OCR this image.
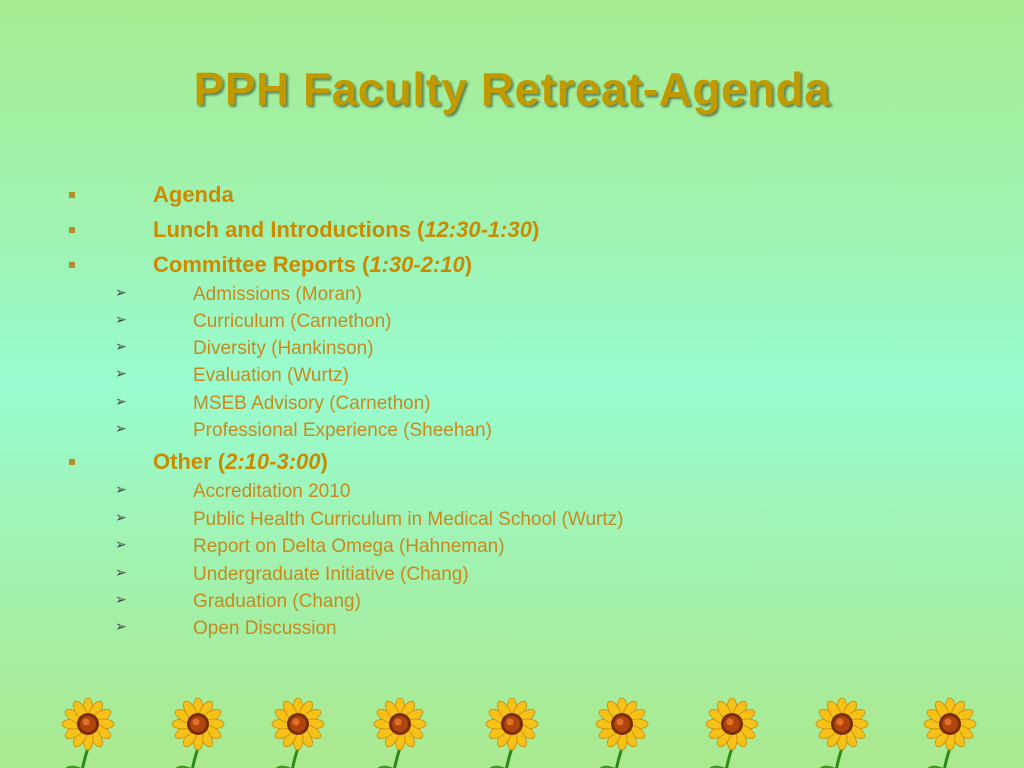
PPH Faculty Retreat-Agenda
Agenda
Lunch and Introductions (12:30-1:30)
Committee Reports (1:30-2:10)
➢	Admissions (Moran)
➢	Curriculum (Carnethon)
➢	Diversity (Hankinson)
➢	Evaluation (Wurtz)
➢	MSEB Advisory (Carnethon)
➢	Professional Experience (Sheehan)
Other (2:10-3:00)
➢	Accreditation 2010
➢	Public Health Curriculum in Medical School (Wurtz)
➢	Report on Delta Omega (Hahneman)
➢	Undergraduate Initiative (Chang)
➢	Graduation (Chang)
➢	Open Discussion
